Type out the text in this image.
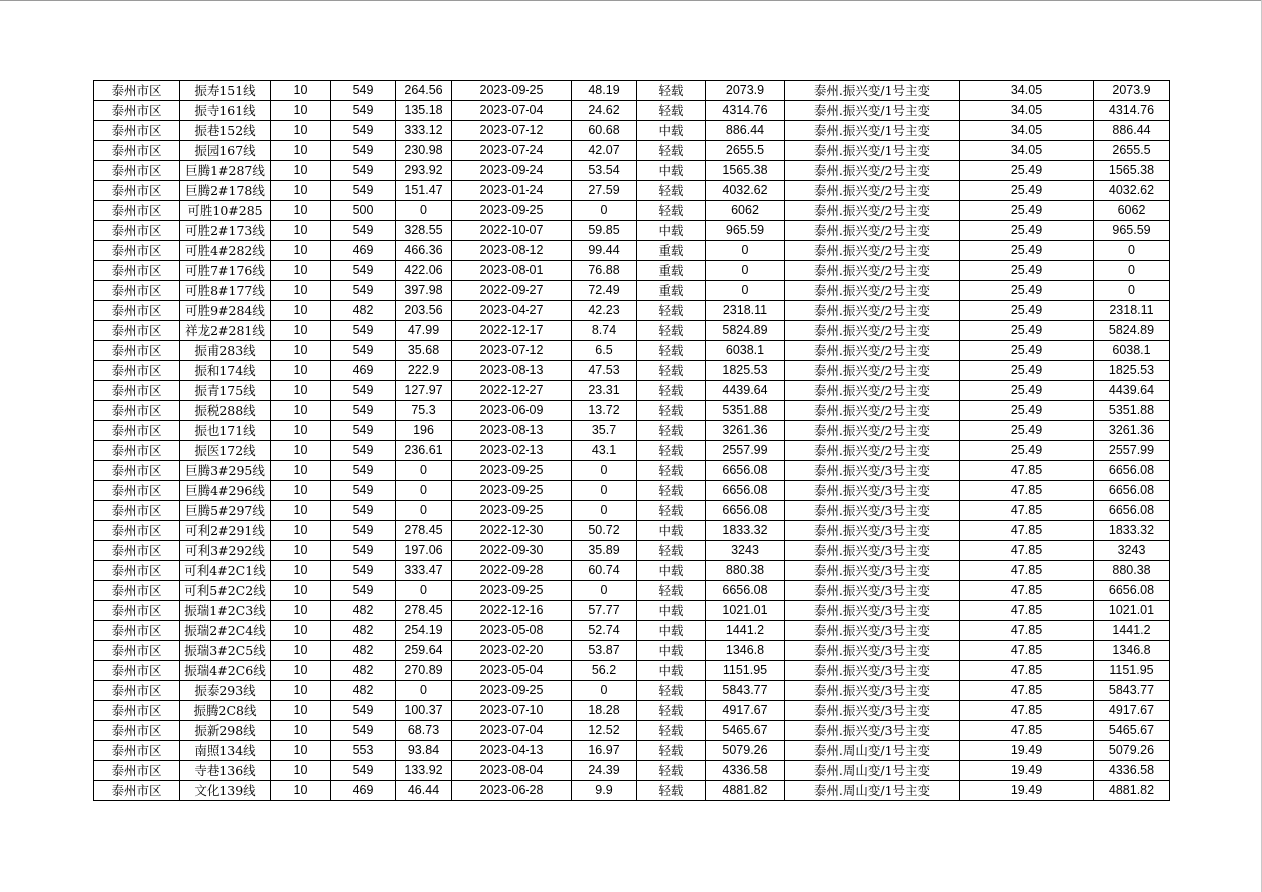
泰州市区	振寿151线	10	549	264.56	2023-09-25	48.19	轻载	2073.9	泰州.振兴变/1号主变	34.05	2073.9
泰州市区	振寺161线	10	549	135.18	2023-07-04	24.62	轻载	4314.76	泰州.振兴变/1号主变	34.05	4314.76
泰州市区	振巷152线	10	549	333.12	2023-07-12	60.68	中载	886.44	泰州.振兴变/1号主变	34.05	886.44
泰州市区	振园167线	10	549	230.98	2023-07-24	42.07	轻载	2655.5	泰州.振兴变/1号主变	34.05	2655.5
泰州市区	巨腾1#287线	10	549	293.92	2023-09-24	53.54	中载	1565.38	泰州.振兴变/2号主变	25.49	1565.38
泰州市区	巨腾2#178线	10	549	151.47	2023-01-24	27.59	轻载	4032.62	泰州.振兴变/2号主变	25.49	4032.62
泰州市区	可胜10#285	10	500	0	2023-09-25	0	轻载	6062	泰州.振兴变/2号主变	25.49	6062
泰州市区	可胜2#173线	10	549	328.55	2022-10-07	59.85	中载	965.59	泰州.振兴变/2号主变	25.49	965.59
泰州市区	可胜4#282线	10	469	466.36	2023-08-12	99.44	重载	0	泰州.振兴变/2号主变	25.49	0
泰州市区	可胜7#176线	10	549	422.06	2023-08-01	76.88	重载	0	泰州.振兴变/2号主变	25.49	0
泰州市区	可胜8#177线	10	549	397.98	2022-09-27	72.49	重载	0	泰州.振兴变/2号主变	25.49	0
泰州市区	可胜9#284线	10	482	203.56	2023-04-27	42.23	轻载	2318.11	泰州.振兴变/2号主变	25.49	2318.11
泰州市区	祥龙2#281线	10	549	47.99	2022-12-17	8.74	轻载	5824.89	泰州.振兴变/2号主变	25.49	5824.89
泰州市区	振甫283线	10	549	35.68	2023-07-12	6.5	轻载	6038.1	泰州.振兴变/2号主变	25.49	6038.1
泰州市区	振和174线	10	469	222.9	2023-08-13	47.53	轻载	1825.53	泰州.振兴变/2号主变	25.49	1825.53
泰州市区	振青175线	10	549	127.97	2022-12-27	23.31	轻载	4439.64	泰州.振兴变/2号主变	25.49	4439.64
泰州市区	振税288线	10	549	75.3	2023-06-09	13.72	轻载	5351.88	泰州.振兴变/2号主变	25.49	5351.88
泰州市区	振也171线	10	549	196	2023-08-13	35.7	轻载	3261.36	泰州.振兴变/2号主变	25.49	3261.36
泰州市区	振医172线	10	549	236.61	2023-02-13	43.1	轻载	2557.99	泰州.振兴变/2号主变	25.49	2557.99
泰州市区	巨腾3#295线	10	549	0	2023-09-25	0	轻载	6656.08	泰州.振兴变/3号主变	47.85	6656.08
泰州市区	巨腾4#296线	10	549	0	2023-09-25	0	轻载	6656.08	泰州.振兴变/3号主变	47.85	6656.08
泰州市区	巨腾5#297线	10	549	0	2023-09-25	0	轻载	6656.08	泰州.振兴变/3号主变	47.85	6656.08
泰州市区	可利2#291线	10	549	278.45	2022-12-30	50.72	中载	1833.32	泰州.振兴变/3号主变	47.85	1833.32
泰州市区	可利3#292线	10	549	197.06	2022-09-30	35.89	轻载	3243	泰州.振兴变/3号主变	47.85	3243
泰州市区	可利4#2C1线	10	549	333.47	2022-09-28	60.74	中载	880.38	泰州.振兴变/3号主变	47.85	880.38
泰州市区	可利5#2C2线	10	549	0	2023-09-25	0	轻载	6656.08	泰州.振兴变/3号主变	47.85	6656.08
泰州市区	振瑞1#2C3线	10	482	278.45	2022-12-16	57.77	中载	1021.01	泰州.振兴变/3号主变	47.85	1021.01
泰州市区	振瑞2#2C4线	10	482	254.19	2023-05-08	52.74	中载	1441.2	泰州.振兴变/3号主变	47.85	1441.2
泰州市区	振瑞3#2C5线	10	482	259.64	2023-02-20	53.87	中载	1346.8	泰州.振兴变/3号主变	47.85	1346.8
泰州市区	振瑞4#2C6线	10	482	270.89	2023-05-04	56.2	中载	1151.95	泰州.振兴变/3号主变	47.85	1151.95
泰州市区	振泰293线	10	482	0	2023-09-25	0	轻载	5843.77	泰州.振兴变/3号主变	47.85	5843.77
泰州市区	振腾2C8线	10	549	100.37	2023-07-10	18.28	轻载	4917.67	泰州.振兴变/3号主变	47.85	4917.67
泰州市区	振新298线	10	549	68.73	2023-07-04	12.52	轻载	5465.67	泰州.振兴变/3号主变	47.85	5465.67
泰州市区	南照134线	10	553	93.84	2023-04-13	16.97	轻载	5079.26	泰州.周山变/1号主变	19.49	5079.26
泰州市区	寺巷136线	10	549	133.92	2023-08-04	24.39	轻载	4336.58	泰州.周山变/1号主变	19.49	4336.58
泰州市区	文化139线	10	469	46.44	2023-06-28	9.9	轻载	4881.82	泰州.周山变/1号主变	19.49	4881.82
